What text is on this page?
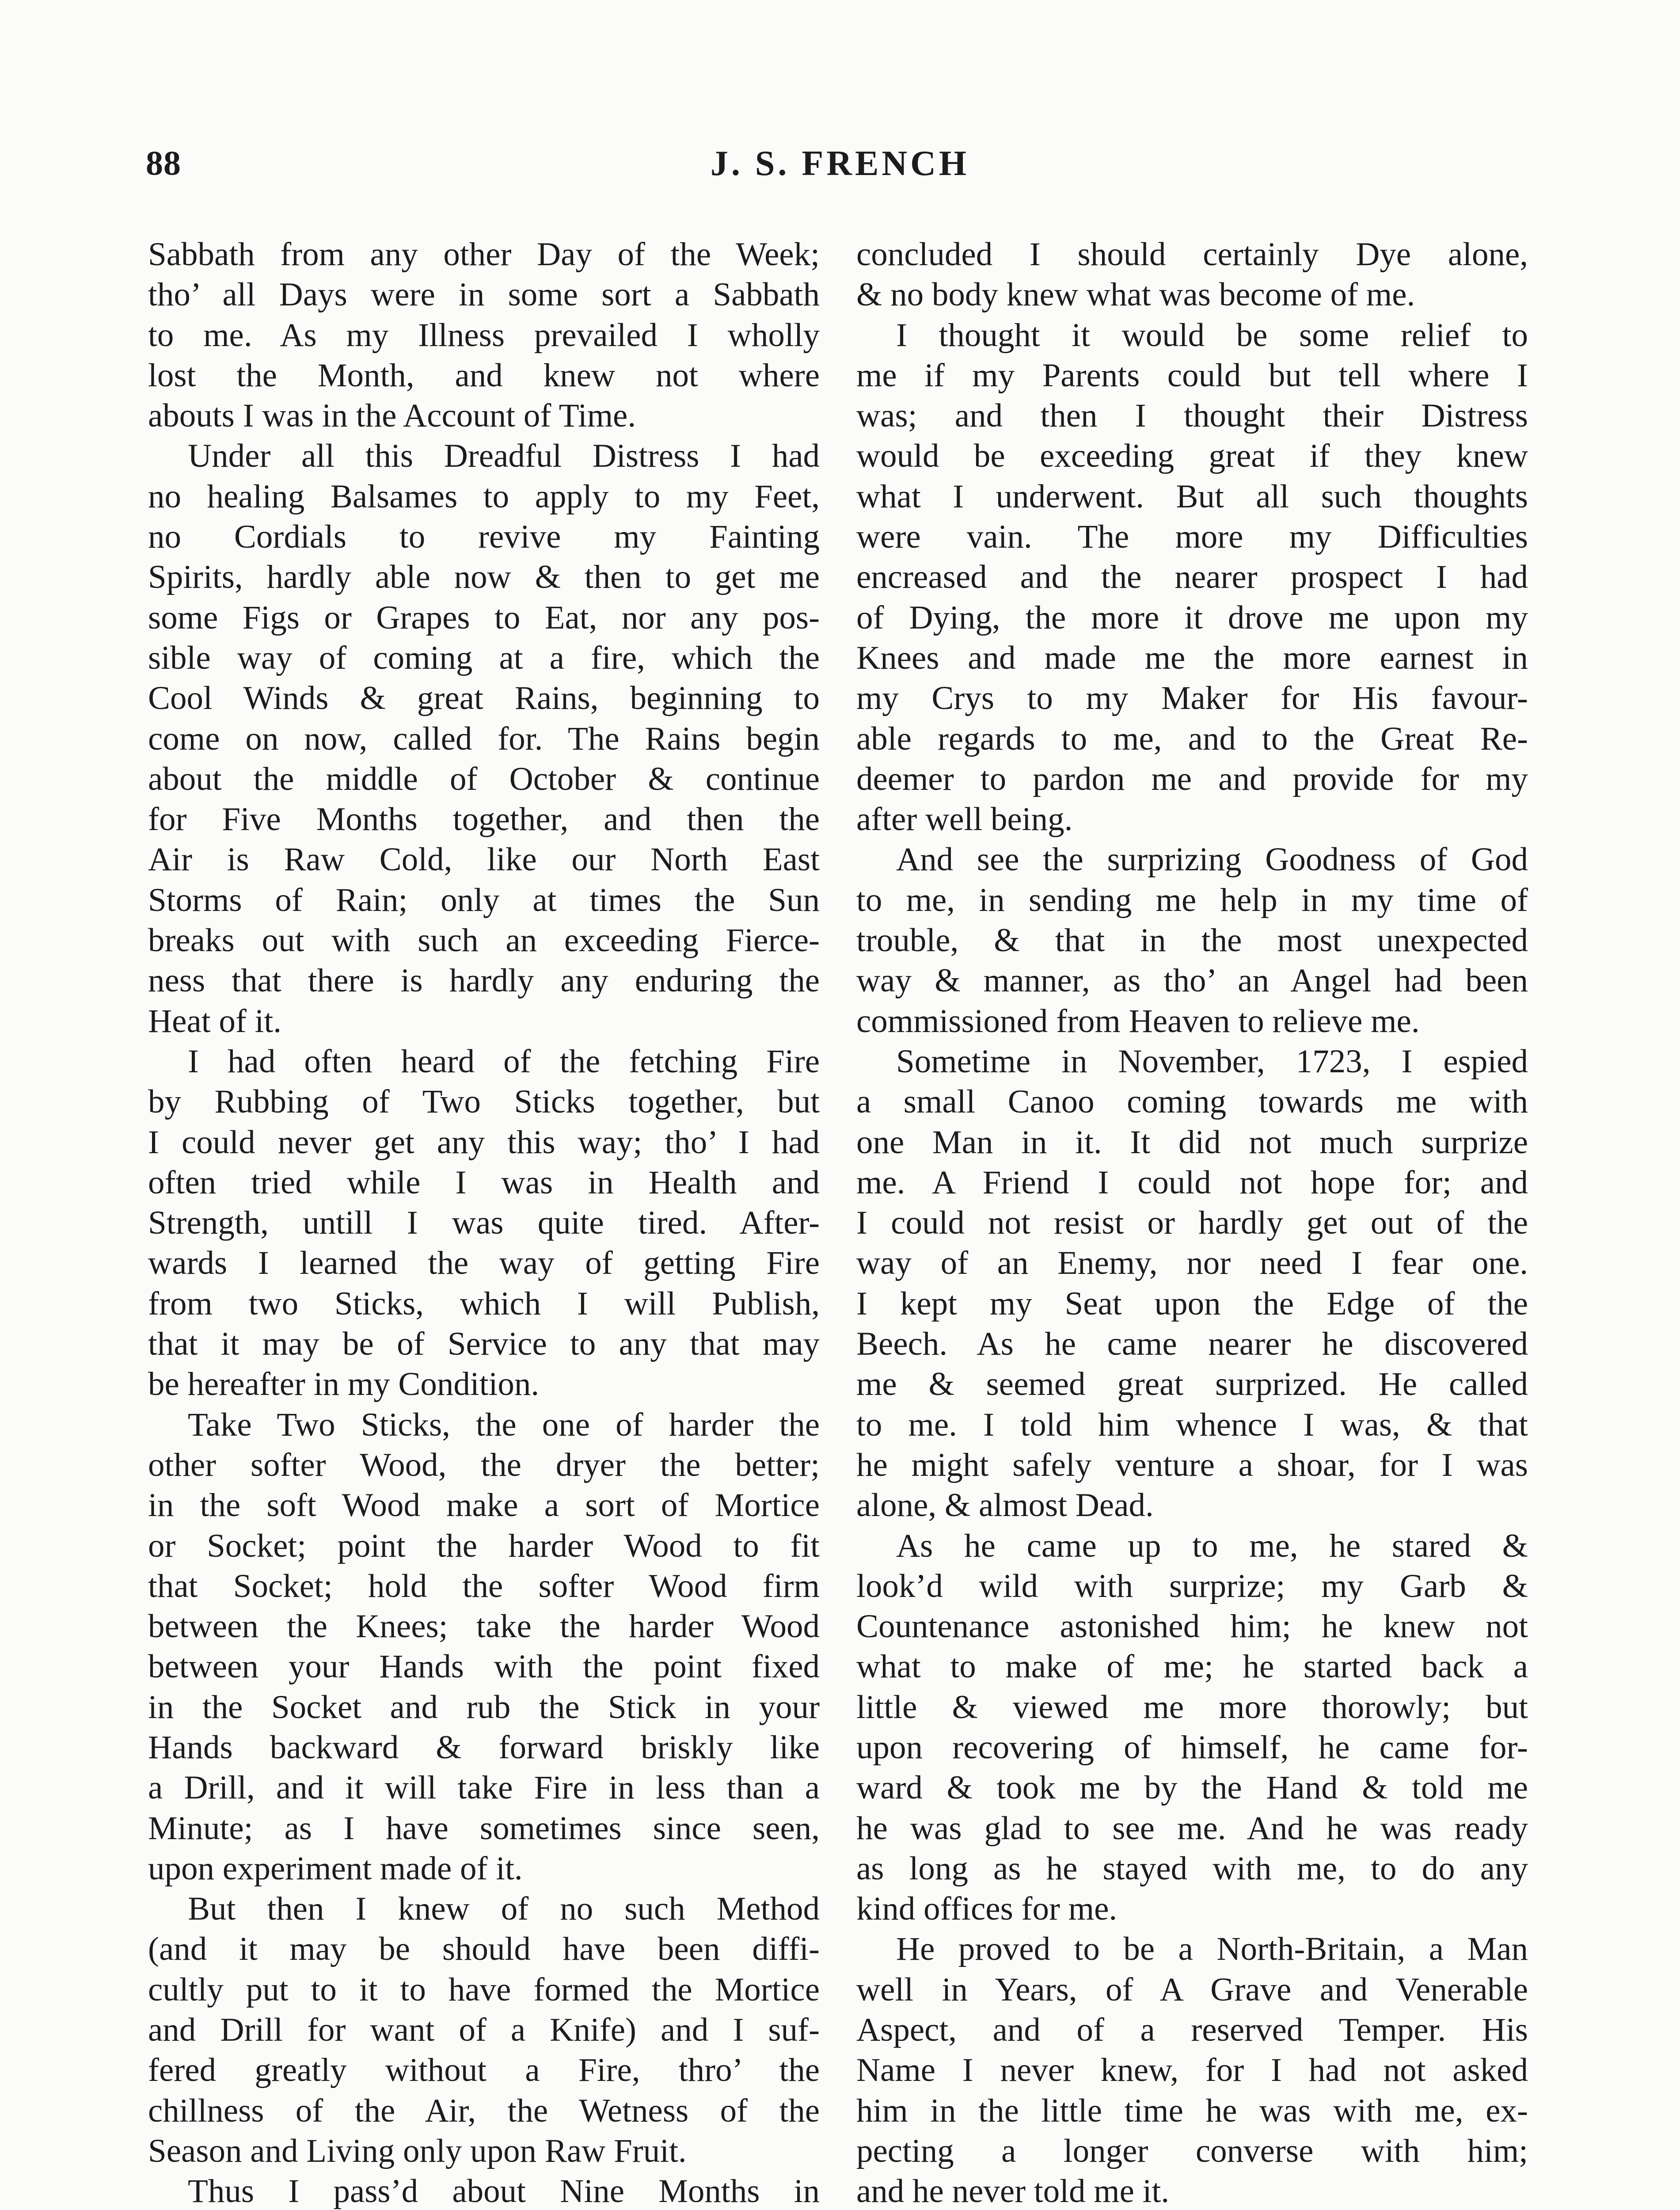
88	J. S. FRENCH
Sabbath from any other Day of the Week;
tho’ all Days were in some sort a Sabbath
to me. As my Illness prevailed I wholly
lost the Month, and knew not where
abouts I was in the Account of Time.
Under all this Dreadful Distress I had
no healing Balsames to apply to my Feet,
no Cordials to revive my Fainting
Spirits, hardly able now & then to get me
some Figs or Grapes to Eat, nor any pos-
sible way of coming at a fire, which the
Cool Winds & great Rains, beginning to
come on now, called for. The Rains begin
about the middle of October & continue
for Five Months together, and then the
Air is Raw Cold, like our North East
Storms of Rain; only at times the Sun
breaks out with such an exceeding Fierce-
ness that there is hardly any enduring the
Heat of it.
I had often heard of the fetching Fire
by Rubbing of Two Sticks together, but
I could never get any this way; tho’ I had
often tried while I was in Health and
Strength, untill I was quite tired. After-
wards I learned the way of getting Fire
from two Sticks, which I will Publish,
that it may be of Service to any that may
be hereafter in my Condition.
Take Two Sticks, the one of harder the
other softer Wood, the dryer the better;
in the soft Wood make a sort of Mortice
or Socket; point the harder Wood to fit
that Socket; hold the softer Wood firm
between the Knees; take the harder Wood
between your Hands with the point fixed
in the Socket and rub the Stick in your
Hands backward & forward briskly like
a Drill, and it will take Fire in less than a
Minute; as I have sometimes since seen,
upon experiment made of it.
But then I knew of no such Method
(and it may be should have been diffi-
cultly put to it to have formed the Mortice
and Drill for want of a Knife) and I suf-
fered greatly without a Fire, thro’ the
chillness of the Air, the Wetness of the
Season and Living only upon Raw Fruit.
Thus I pass’d about Nine Months in
concluded I should certainly Dye alone,
& no body knew what was become of me.
I thought it would be some relief to
me if my Parents could but tell where I
was; and then I thought their Distress
would be exceeding great if they knew
what I underwent. But all such thoughts
were vain. The more my Difficulties
encreased and the nearer prospect I had
of Dying, the more it drove me upon my
Knees and made me the more earnest in
my Crys to my Maker for His favour-
able regards to me, and to the Great Re-
deemer to pardon me and provide for my
after well being.
And see the surprizing Goodness of God
to me, in sending me help in my time of
trouble, & that in the most unexpected
way & manner, as tho’ an Angel had been
commissioned from Heaven to relieve me.
Sometime in November, 1723, I espied
a small Canoo coming towards me with
one Man in it. It did not much surprize
me. A Friend I could not hope for; and
I could not resist or hardly get out of the
way of an Enemy, nor need I fear one.
I kept my Seat upon the Edge of the
Beech. As he came nearer he discovered
me & seemed great surprized. He called
to me. I told him whence I was, & that
he might safely venture a shoar, for I was
alone, & almost Dead.
As he came up to me, he stared &
look’d wild with surprize; my Garb &
Countenance astonished him; he knew not
what to make of me; he started back a
little & viewed me more thorowly; but
upon recovering of himself, he came for-
ward & took me by the Hand & told me
he was glad to see me. And he was ready
as long as he stayed with me, to do any
kind offices for me.
He proved to be a North-Britain, a Man
well in Years, of A Grave and Venerable
Aspect, and of a reserved Temper. His
Name I never knew, for I had not asked
him in the little time he was with me, ex-
pecting a longer converse with him;
and he never told me it.
